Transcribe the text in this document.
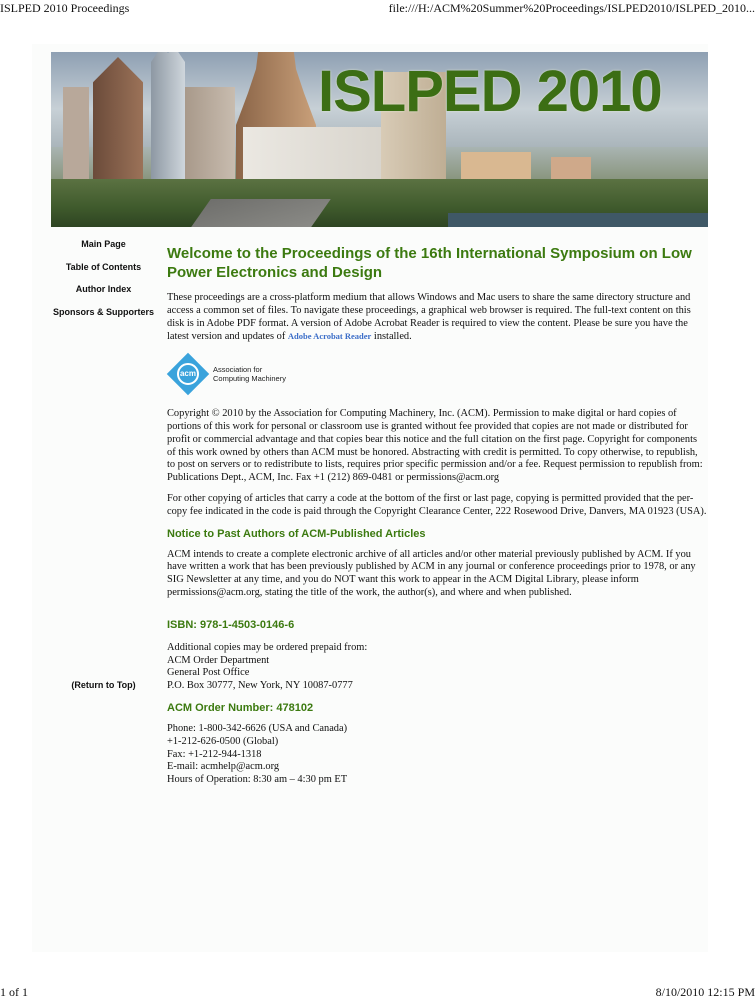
ISLPED 2010 Proceedings	file:///H:/ACM%20Summer%20Proceedings/ISLPED2010/ISLPED_2010...
ISLPED 2010
Main Page
Table of Contents
Author Index
Sponsors & Supporters
(Return to Top)
Welcome to the Proceedings of the 16th International Symposium on Low Power Electronics and Design

These proceedings are a cross-platform medium that allows Windows and Mac users to share the same directory structure and access a common set of files. To navigate these proceedings, a graphical web browser is required. The full-text content on this disk is in Adobe PDF format. A version of Adobe Acrobat Reader is required to view the content. Please be sure you have the latest version and updates of Adobe Acrobat Reader installed.

acm	Association for
Computing Machinery

Copyright © 2010 by the Association for Computing Machinery, Inc. (ACM). Permission to make digital or hard copies of portions of this work for personal or classroom use is granted without fee provided that copies are not made or distributed for profit or commercial advantage and that copies bear this notice and the full citation on the first page. Copyright for components of this work owned by others than ACM must be honored. Abstracting with credit is permitted. To copy otherwise, to republish, to post on servers or to redistribute to lists, requires prior specific permission and/or a fee. Request permission to republish from: Publications Dept., ACM, Inc. Fax +1 (212) 869-0481 or permissions@acm.org

For other copying of articles that carry a code at the bottom of the first or last page, copying is permitted provided that the per-copy fee indicated in the code is paid through the Copyright Clearance Center, 222 Rosewood Drive, Danvers, MA 01923 (USA).

Notice to Past Authors of ACM-Published Articles

ACM intends to create a complete electronic archive of all articles and/or other material previously published by ACM. If you have written a work that has been previously published by ACM in any journal or conference proceedings prior to 1978, or any SIG Newsletter at any time, and you do NOT want this work to appear in the ACM Digital Library, please inform permissions@acm.org, stating the title of the work, the author(s), and where and when published.

ISBN: 978-1-4503-0146-6
Additional copies may be ordered prepaid from:
ACM Order Department
General Post Office
P.O. Box 30777, New York, NY 10087-0777
ACM Order Number: 478102
Phone: 1-800-342-6626 (USA and Canada)
+1-212-626-0500 (Global)
Fax: +1-212-944-1318
E-mail: acmhelp@acm.org
Hours of Operation: 8:30 am – 4:30 pm ET
1 of 1	8/10/2010 12:15 PM
